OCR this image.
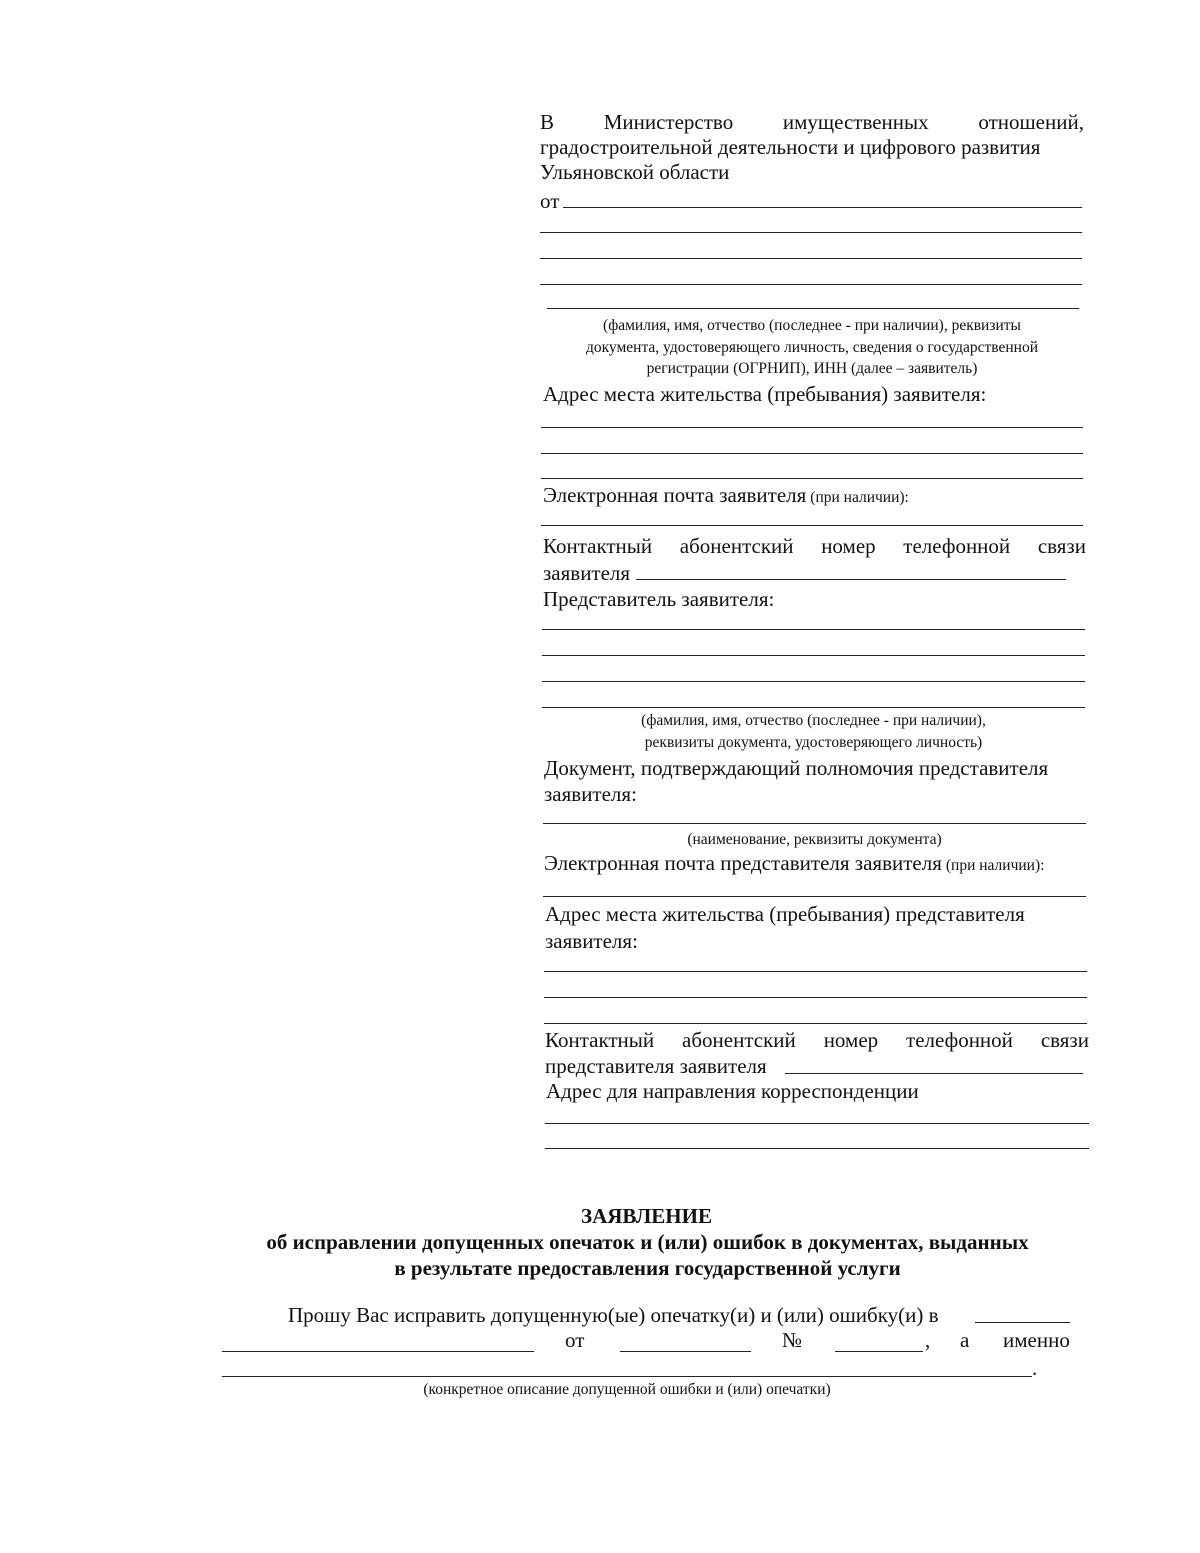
В Министерство имущественных отношений,
градостроительной деятельности и цифрового развития
Ульяновской области
от
(фамилия, имя, отчество (последнее - при наличии), реквизиты
документа, удостоверяющего личность, сведения о государственной
регистрации (ОГРНИП), ИНН (далее – заявитель)
Адрес места жительства (пребывания) заявителя:
Электронная почта заявителя (при наличии):
Контактный абонентский номер телефонной связи
заявителя
Представитель заявителя:
(фамилия, имя, отчество (последнее - при наличии),
реквизиты документа, удостоверяющего личность)
Документ, подтверждающий полномочия представителя
заявителя:
(наименование, реквизиты документа)
Электронная почта представителя заявителя (при наличии):
Адрес места жительства (пребывания) представителя
заявителя:
Контактный абонентский номер телефонной связи
представителя заявителя
Адрес для направления корреспонденции
ЗАЯВЛЕНИЕ
об исправлении допущенных опечаток и (или) ошибок в документах, выданных
в результате предоставления государственной услуги
Прошу Вас исправить допущенную(ые) опечатку(и) и (или) ошибку(и) в
от	№	, а именно
.
(конкретное описание допущенной ошибки и (или) опечатки)
